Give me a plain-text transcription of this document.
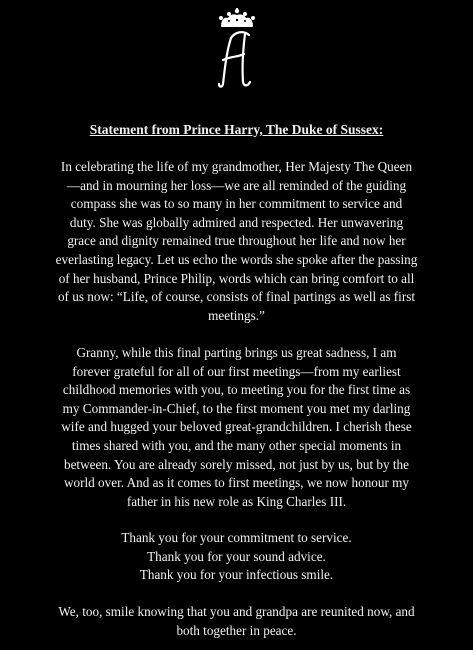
Statement from Prince Harry, The Duke of Sussex:

In celebrating the life of my grandmother, Her Majesty The Queen
—and in mourning her loss—we are all reminded of the guiding
compass she was to so many in her commitment to service and
duty. She was globally admired and respected. Her unwavering
grace and dignity remained true throughout her life and now her
everlasting legacy. Let us echo the words she spoke after the passing
of her husband, Prince Philip, words which can bring comfort to all
of us now: “Life, of course, consists of final partings as well as first
meetings.”

Granny, while this final parting brings us great sadness, I am
forever grateful for all of our first meetings—from my earliest
childhood memories with you, to meeting you for the first time as
my Commander-in-Chief, to the first moment you met my darling
wife and hugged your beloved great-grandchildren. I cherish these
times shared with you, and the many other special moments in
between. You are already sorely missed, not just by us, but by the
world over. And as it comes to first meetings, we now honour my
father in his new role as King Charles III.

Thank you for your commitment to service.
Thank you for your sound advice.
Thank you for your infectious smile.

We, too, smile knowing that you and grandpa are reunited now, and
both together in peace.
